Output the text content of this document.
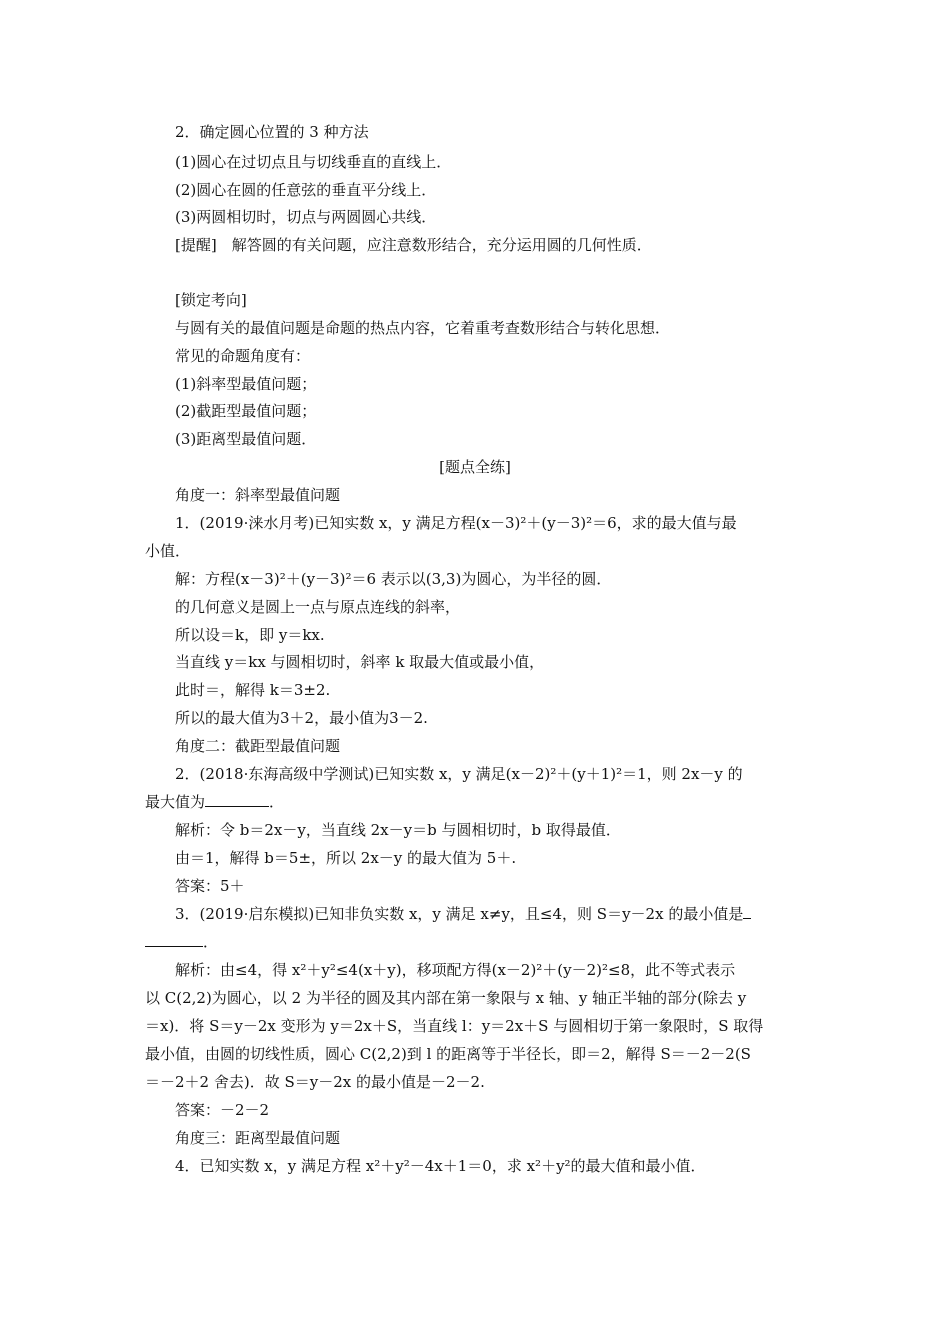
2．确定圆心位置的 3 种方法
(1)圆心在过切点且与切线垂直的直线上．
(2)圆心在圆的任意弦的垂直平分线上．
(3)两圆相切时，切点与两圆圆心共线．
[提醒]　解答圆的有关问题，应注意数形结合，充分运用圆的几何性质．
[锁定考向]
与圆有关的最值问题是命题的热点内容，它着重考查数形结合与转化思想．
常见的命题角度有：
(1)斜率型最值问题；
(2)截距型最值问题；
(3)距离型最值问题．
[题点全练]
角度一：斜率型最值问题
1．(2019·涞水月考)已知实数 x，y 满足方程(x－3)²＋(y－3)²＝6，求的最大值与最
小值．
解：方程(x－3)²＋(y－3)²＝6 表示以(3,3)为圆心，为半径的圆．
的几何意义是圆上一点与原点连线的斜率，
所以设＝k，即 y＝kx.
当直线 y＝kx 与圆相切时，斜率 k 取最大值或最小值，
此时＝，解得 k＝3±2.
所以的最大值为3＋2，最小值为3－2.
角度二：截距型最值问题
2．(2018·东海高级中学测试)已知实数 x，y 满足(x－2)²＋(y＋1)²＝1，则 2x－y 的
最大值为	．
解析：令 b＝2x－y，当直线 2x－y＝b 与圆相切时，b 取得最值．
由＝1，解得 b＝5±，所以 2x－y 的最大值为 5＋.
答案：5＋
3．(2019·启东模拟)已知非负实数 x，y 满足 x≠y，且≤4，则 S＝y－2x 的最小值是
．
解析：由≤4，得 x²＋y²≤4(x＋y)，移项配方得(x－2)²＋(y－2)²≤8，此不等式表示
以 C(2,2)为圆心，以 2 为半径的圆及其内部在第一象限与 x 轴、y 轴正半轴的部分(除去 y
＝x)．将 S＝y－2x 变形为 y＝2x＋S，当直线 l：y＝2x＋S 与圆相切于第一象限时，S 取得
最小值，由圆的切线性质，圆心 C(2,2)到 l 的距离等于半径长，即＝2，解得 S＝－2－2(S
＝－2＋2 舍去)．故 S＝y－2x 的最小值是－2－2.
答案：－2－2
角度三：距离型最值问题
4．已知实数 x，y 满足方程 x²＋y²－4x＋1＝0，求 x²＋y²的最大值和最小值．
